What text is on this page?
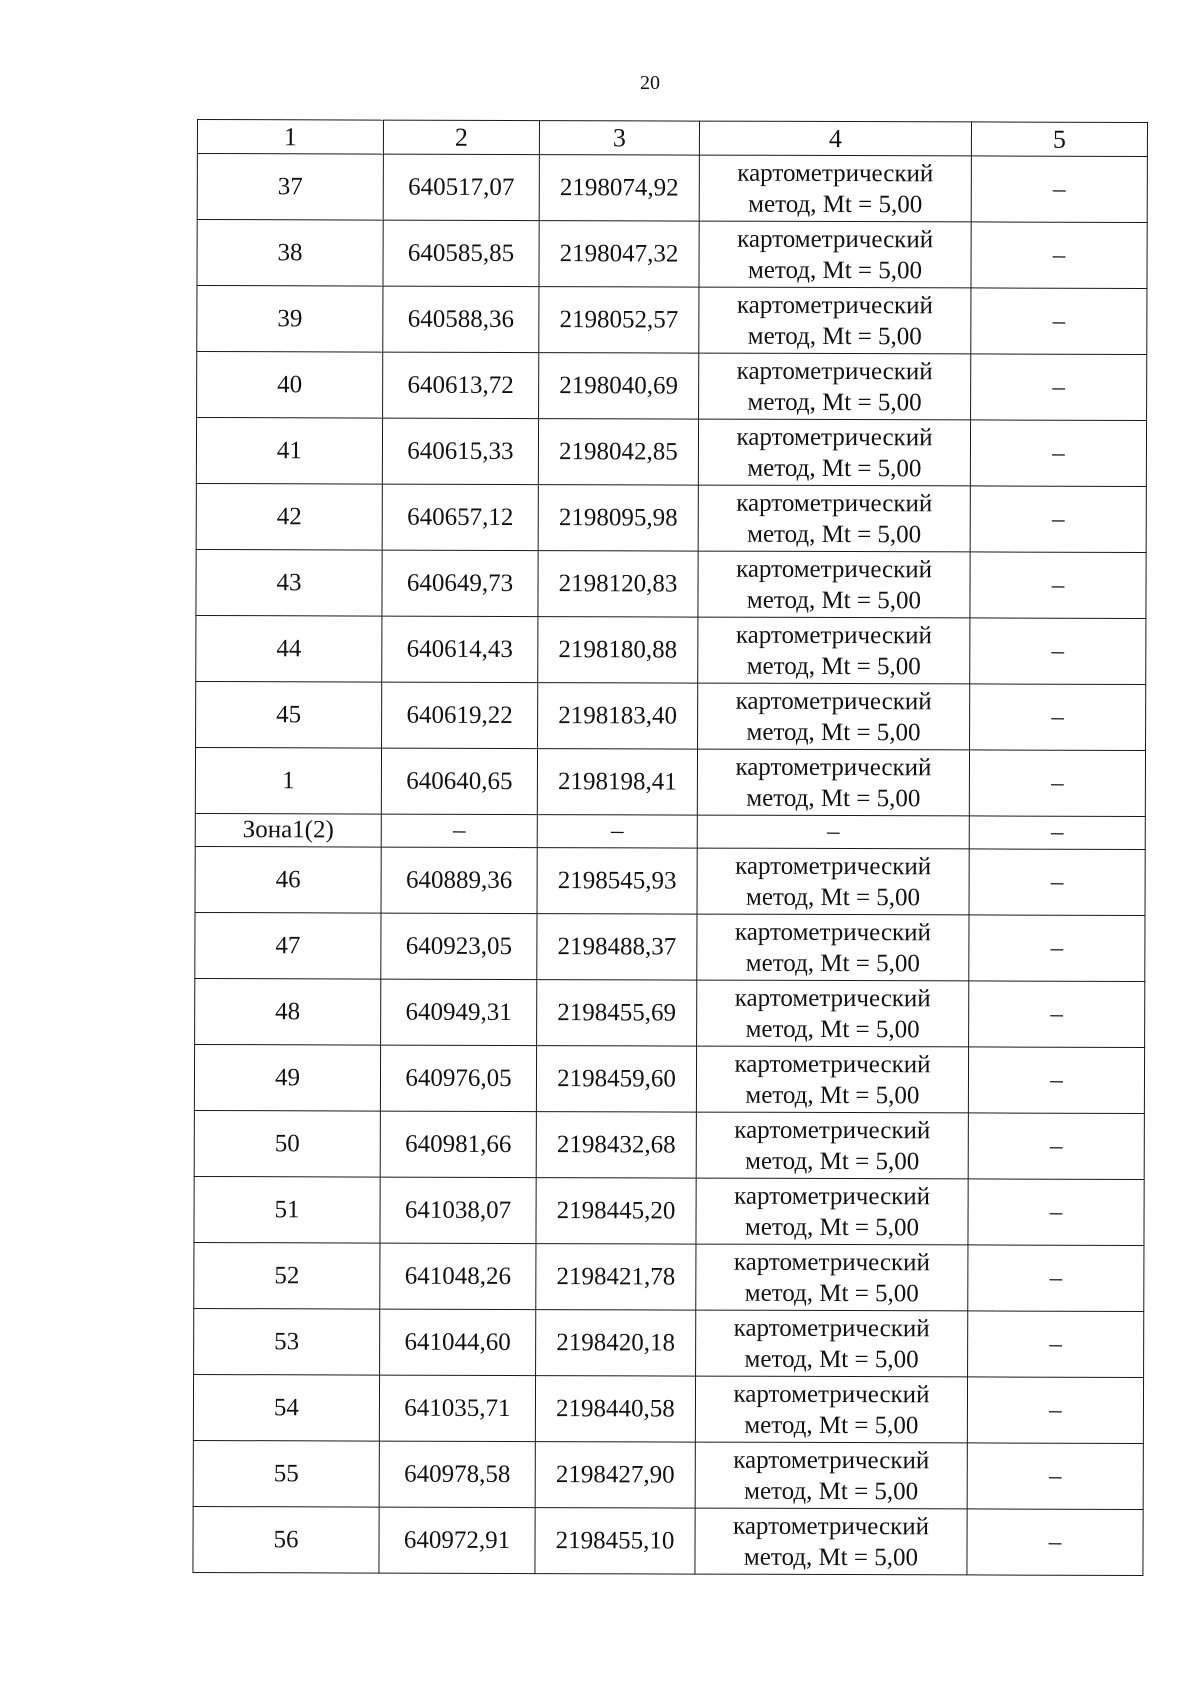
20
1	2	3	4	5
37	640517,07	2198074,92	картометрический
метод, Mt = 5,00	–
38	640585,85	2198047,32	картометрический
метод, Mt = 5,00	–
39	640588,36	2198052,57	картометрический
метод, Mt = 5,00	–
40	640613,72	2198040,69	картометрический
метод, Mt = 5,00	–
41	640615,33	2198042,85	картометрический
метод, Mt = 5,00	–
42	640657,12	2198095,98	картометрический
метод, Mt = 5,00	–
43	640649,73	2198120,83	картометрический
метод, Mt = 5,00	–
44	640614,43	2198180,88	картометрический
метод, Mt = 5,00	–
45	640619,22	2198183,40	картометрический
метод, Mt = 5,00	–
1	640640,65	2198198,41	картометрический
метод, Mt = 5,00	–
Зона1(2)	–	–	–	–
46	640889,36	2198545,93	картометрический
метод, Mt = 5,00	–
47	640923,05	2198488,37	картометрический
метод, Mt = 5,00	–
48	640949,31	2198455,69	картометрический
метод, Mt = 5,00	–
49	640976,05	2198459,60	картометрический
метод, Mt = 5,00	–
50	640981,66	2198432,68	картометрический
метод, Mt = 5,00	–
51	641038,07	2198445,20	картометрический
метод, Mt = 5,00	–
52	641048,26	2198421,78	картометрический
метод, Mt = 5,00	–
53	641044,60	2198420,18	картометрический
метод, Mt = 5,00	–
54	641035,71	2198440,58	картометрический
метод, Mt = 5,00	–
55	640978,58	2198427,90	картометрический
метод, Mt = 5,00	–
56	640972,91	2198455,10	картометрический
метод, Mt = 5,00	–
